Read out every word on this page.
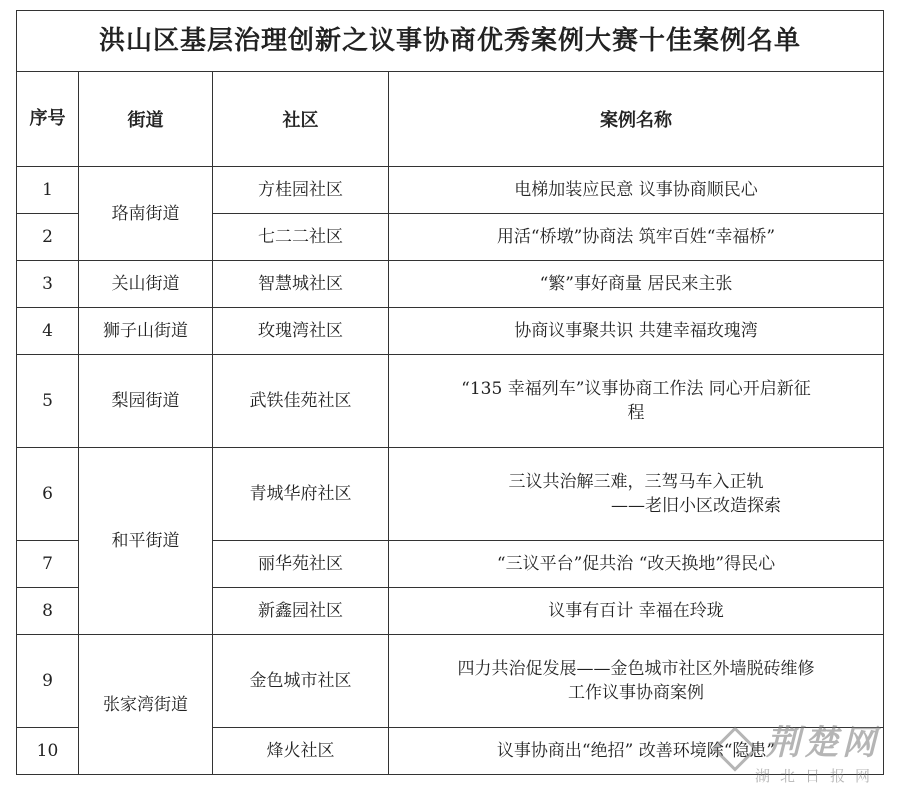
洪山区基层治理创新之议事协商优秀案例大赛十佳案例名单			
序号	街道	社区	案例名称
1	珞南街道	方桂园社区	电梯加装应民意 议事协商顺民心

2		七二二社区	用活“桥墩”协商法 筑牢百姓“幸福桥”

3	关山街道	智慧城社区	“繁”事好商量 居民来主张

4	狮子山街道	玫瑰湾社区	协商议事聚共识 共建幸福玫瑰湾

5	梨园街道	武铁佳苑社区	“135 幸福列车”议事协商工作法 同心开启新征
程

6	和平街道	青城华府社区	三议共治解三难，三驾马车入正轨
——老旧小区改造探索

7		丽华苑社区	“三议平台”促共治 “改天换地”得民心

8		新鑫园社区	议事有百计 幸福在玲珑

9	张家湾街道	金色城市社区	四力共治促发展——金色城市社区外墙脱砖维修
工作议事协商案例

10		烽火社区	议事协商出“绝招” 改善环境除“隐患”
荆楚网
湖北日报网
